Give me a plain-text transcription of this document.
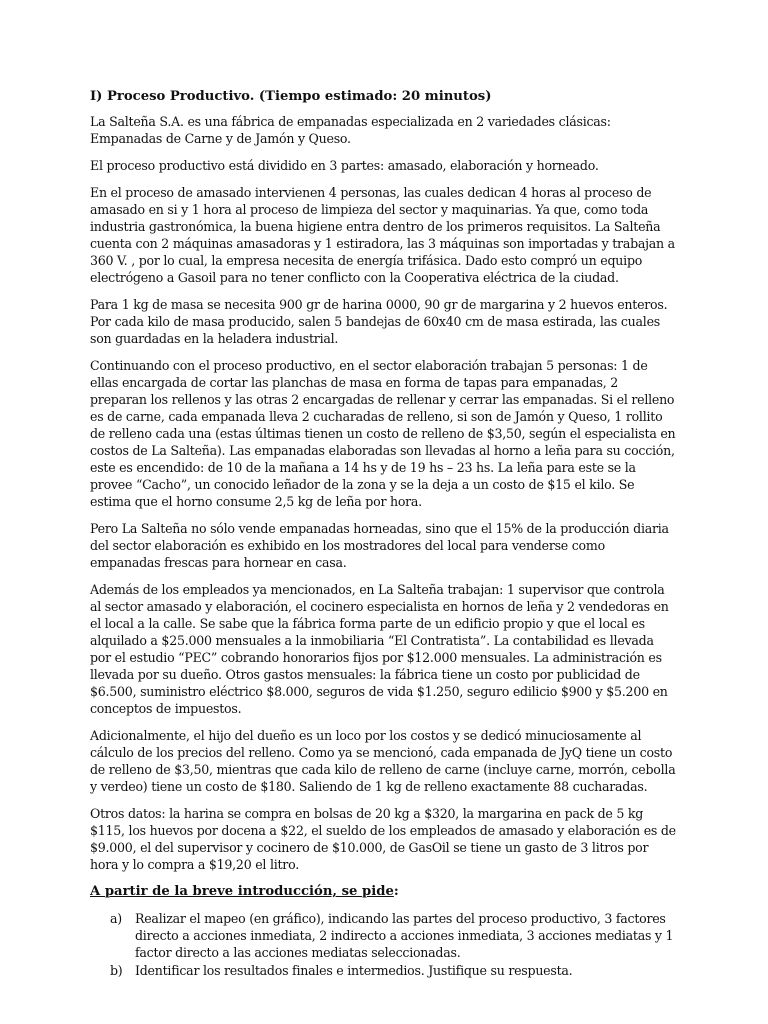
I) Proceso Productivo. (Tiempo estimado: 20 minutos)

La Salteña S.A. es una fábrica de empanadas especializada en 2 variedades clásicas: Empanadas de Carne y de Jamón y Queso.

El proceso productivo está dividido en 3 partes: amasado, elaboración y horneado.

En el proceso de amasado intervienen 4 personas, las cuales dedican 4 horas al proceso de amasado en si y 1 hora al proceso de limpieza del sector y maquinarias. Ya que, como toda industria gastronómica, la buena higiene entra dentro de los primeros requisitos. La Salteña cuenta con 2 máquinas amasadoras y 1 estiradora, las 3 máquinas son importadas y trabajan a 360 V. , por lo cual, la empresa necesita de energía trifásica. Dado esto compró un equipo electrógeno a Gasoil para no tener conflicto con la Cooperativa eléctrica de la ciudad.

Para 1 kg de masa se necesita 900 gr de harina 0000, 90 gr de margarina y 2 huevos enteros. Por cada kilo de masa producido, salen 5 bandejas de 60x40 cm de masa estirada, las cuales son guardadas en la heladera industrial.

Continuando con el proceso productivo, en el sector elaboración trabajan 5 personas: 1 de ellas encargada de cortar las planchas de masa en forma de tapas para empanadas, 2 preparan los rellenos y las otras 2 encargadas de rellenar y cerrar las empanadas. Si el relleno es de carne, cada empanada lleva 2 cucharadas de relleno, si son de Jamón y Queso, 1 rollito de relleno cada una (estas últimas tienen un costo de relleno de $3,50, según el especialista en costos de La Salteña). Las empanadas elaboradas son llevadas al horno a leña para su cocción, este es encendido: de 10 de la mañana a 14 hs y de 19 hs – 23 hs. La leña para este se la provee “Cacho”, un conocido leñador de la zona y se la deja a un costo de $15 el kilo. Se estima que el horno consume 2,5 kg de leña por hora.

Pero La Salteña no sólo vende empanadas horneadas, sino que el 15% de la producción diaria del sector elaboración es exhibido en los mostradores del local para venderse como empanadas frescas para hornear en casa.

Además de los empleados ya mencionados, en La Salteña trabajan: 1 supervisor que controla al sector amasado y elaboración, el cocinero especialista en hornos de leña y 2 vendedoras en el local a la calle. Se sabe que la fábrica forma parte de un edificio propio y que el local es alquilado a $25.000 mensuales a la inmobiliaria “El Contratista”. La contabilidad es llevada por el estudio “PEC” cobrando honorarios fijos por $12.000 mensuales. La administración es llevada por su dueño. Otros gastos mensuales: la fábrica tiene un costo por publicidad de $6.500, suministro eléctrico $8.000, seguros de vida $1.250, seguro edilicio $900 y $5.200 en conceptos de impuestos.

Adicionalmente, el hijo del dueño es un loco por los costos y se dedicó minuciosamente al cálculo de los precios del relleno. Como ya se mencionó, cada empanada de JyQ tiene un costo de relleno de $3,50, mientras que cada kilo de relleno de carne (incluye carne, morrón, cebolla y verdeo) tiene un costo de $180. Saliendo de 1 kg de relleno exactamente 88 cucharadas.

Otros datos: la harina se compra en bolsas de 20 kg a $320, la margarina en pack de 5 kg $115, los huevos por docena a $22, el sueldo de los empleados de amasado y elaboración es de $9.000, el del supervisor y cocinero de $10.000, de GasOil se tiene un gasto de 3 litros por hora y lo compra a $19,20 el litro.

A partir de la breve introducción, se pide:
a)	Realizar el mapeo (en gráfico), indicando las partes del proceso productivo, 3 factores directo a acciones inmediata, 2 indirecto a acciones inmediata, 3 acciones mediatas y 1 factor directo a las acciones mediatas seleccionadas.
b) Identificar los resultados finales e intermedios. Justifique su respuesta.
